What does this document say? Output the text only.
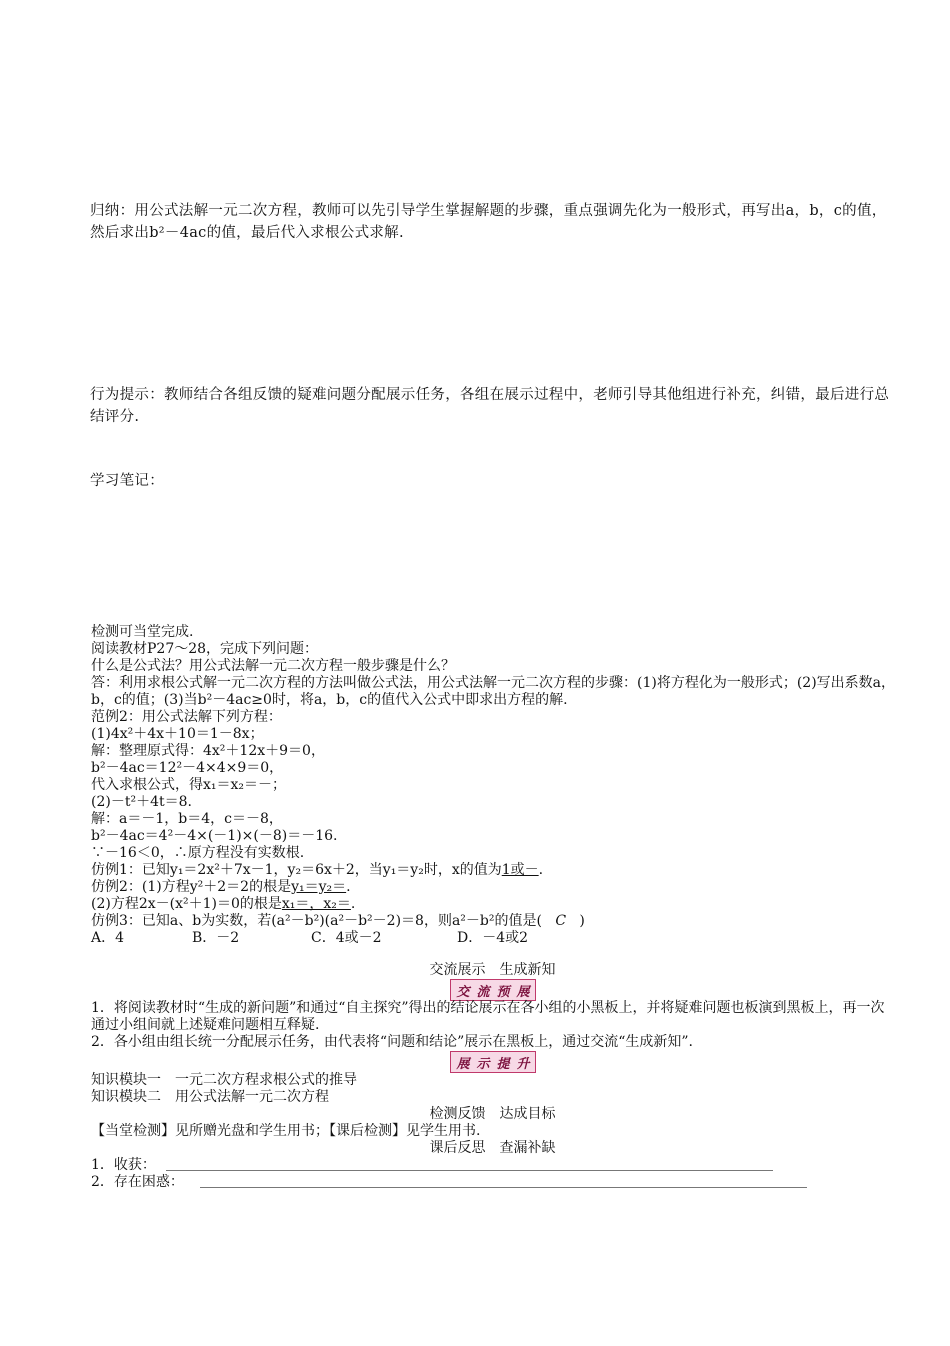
归纳：用公式法解一元二次方程，教师可以先引导学生掌握解题的步骤，重点强调先化为一般形式，再写出a，b，c的值，然后求出b²－4ac的值，最后代入求根公式求解.
行为提示：教师结合各组反馈的疑难问题分配展示任务，各组在展示过程中，老师引导其他组进行补充，纠错，最后进行总结评分.
学习笔记：
检测可当堂完成.
阅读教材P27～28，完成下列问题：
什么是公式法？用公式法解一元二次方程一般步骤是什么？
答：利用求根公式解一元二次方程的方法叫做公式法，用公式法解一元二次方程的步骤：(1)将方程化为一般形式；(2)写出系数a，b，c的值；(3)当b²－4ac≥0时，将a，b，c的值代入公式中即求出方程的解.
范例2：用公式法解下列方程：
(1)4x²＋4x＋10＝1－8x；
解：整理原式得：4x²＋12x＋9＝0，
b²－4ac＝12²－4×4×9＝0，
代入求根公式，得x₁＝x₂＝－；
(2)－t²＋4t＝8.
解：a＝－1，b＝4，c＝－8，
b²－4ac＝4²－4×(－1)×(－8)＝－16.
∵－16＜0，∴原方程没有实数根.
仿例1：已知y₁＝2x²＋7x－1，y₂＝6x＋2，当y₁＝y₂时，x的值为1或－.
仿例2：(1)方程y²＋2＝2的根是y₁＝y₂＝.
(2)方程2x－(x²＋1)＝0的根是x₁＝，x₂＝.
仿例3：已知a、b为实数，若(a²－b²)(a²－b²－2)＝8，则a²－b²的值是( C )
A．4	B．－2	C．4或－2	D．－4或2
交流展示　生成新知
交 流 预 展
1．将阅读教材时“生成的新问题”和通过“自主探究”得出的结论展示在各小组的小黑板上，并将疑难问题也板演到黑板上，再一次通过小组间就上述疑难问题相互释疑.
2．各小组由组长统一分配展示任务，由代表将“问题和结论”展示在黑板上，通过交流“生成新知”.
展 示 提 升
知识模块一　一元二次方程求根公式的推导
知识模块二　用公式法解一元二次方程
检测反馈　达成目标
【当堂检测】见所赠光盘和学生用书；【课后检测】见学生用书.
课后反思　查漏补缺
1．收获：
2．存在困惑：
